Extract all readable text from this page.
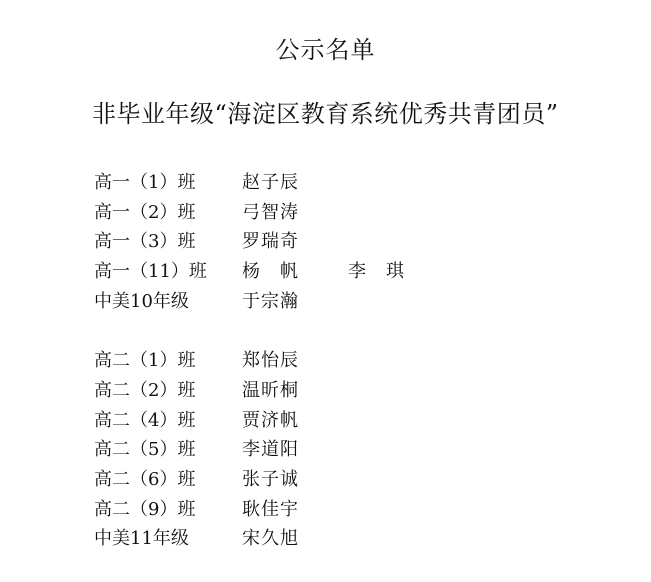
公示名单
非毕业年级“海淀区教育系统优秀共青团员”
高一（1）班	赵子辰
高一（2）班	弓智涛
高一（3）班	罗瑞奇
高一（11）班	杨　帆	李　琪
中美10年级	于宗瀚
高二（1）班	郑怡辰
高二（2）班	温昕桐
高二（4）班	贾济帆
高二（5）班	李道阳
高二（6）班	张子诚
高二（9）班	耿佳宇
中美11年级	宋久旭
